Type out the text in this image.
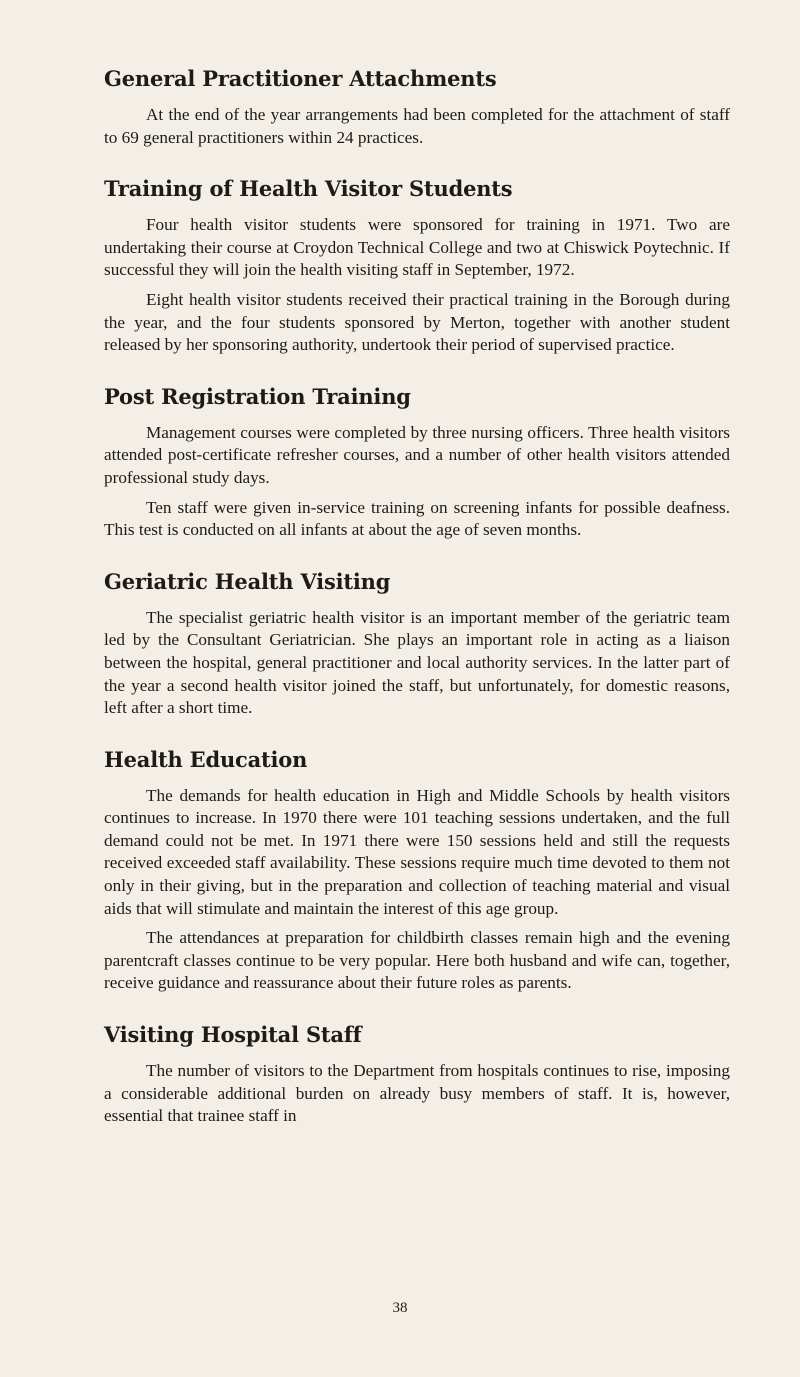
General Practitioner Attachments

At the end of the year arrangements had been completed for the attachment of staff to 69 general practitioners within 24 practices.

Training of Health Visitor Students

Four health visitor students were sponsored for training in 1971. Two are undertaking their course at Croydon Technical College and two at Chiswick Poytechnic. If successful they will join the health visiting staff in September, 1972.

Eight health visitor students received their practical training in the Borough during the year, and the four students sponsored by Merton, together with another student released by her sponsoring authority, undertook their period of supervised practice.

Post Registration Training

Management courses were completed by three nursing officers. Three health visitors attended post-certificate refresher courses, and a number of other health visitors attended professional study days.

Ten staff were given in-service training on screening infants for possible deafness. This test is conducted on all infants at about the age of seven months.

Geriatric Health Visiting

The specialist geriatric health visitor is an important member of the geriatric team led by the Consultant Geriatrician. She plays an important role in acting as a liaison between the hospital, general practitioner and local authority services. In the latter part of the year a second health visitor joined the staff, but unfortunately, for domestic reasons, left after a short time.

Health Education

The demands for health education in High and Middle Schools by health visitors continues to increase. In 1970 there were 101 teaching sessions undertaken, and the full demand could not be met. In 1971 there were 150 sessions held and still the requests received exceeded staff availability. These sessions require much time devoted to them not only in their giving, but in the preparation and collection of teaching material and visual aids that will stimulate and maintain the interest of this age group.

The attendances at preparation for childbirth classes remain high and the evening parentcraft classes continue to be very popular. Here both husband and wife can, together, receive guidance and reassurance about their future roles as parents.

Visiting Hospital Staff

The number of visitors to the Department from hospitals continues to rise, imposing a considerable additional burden on already busy members of staff. It is, however, essential that trainee staff in

38
